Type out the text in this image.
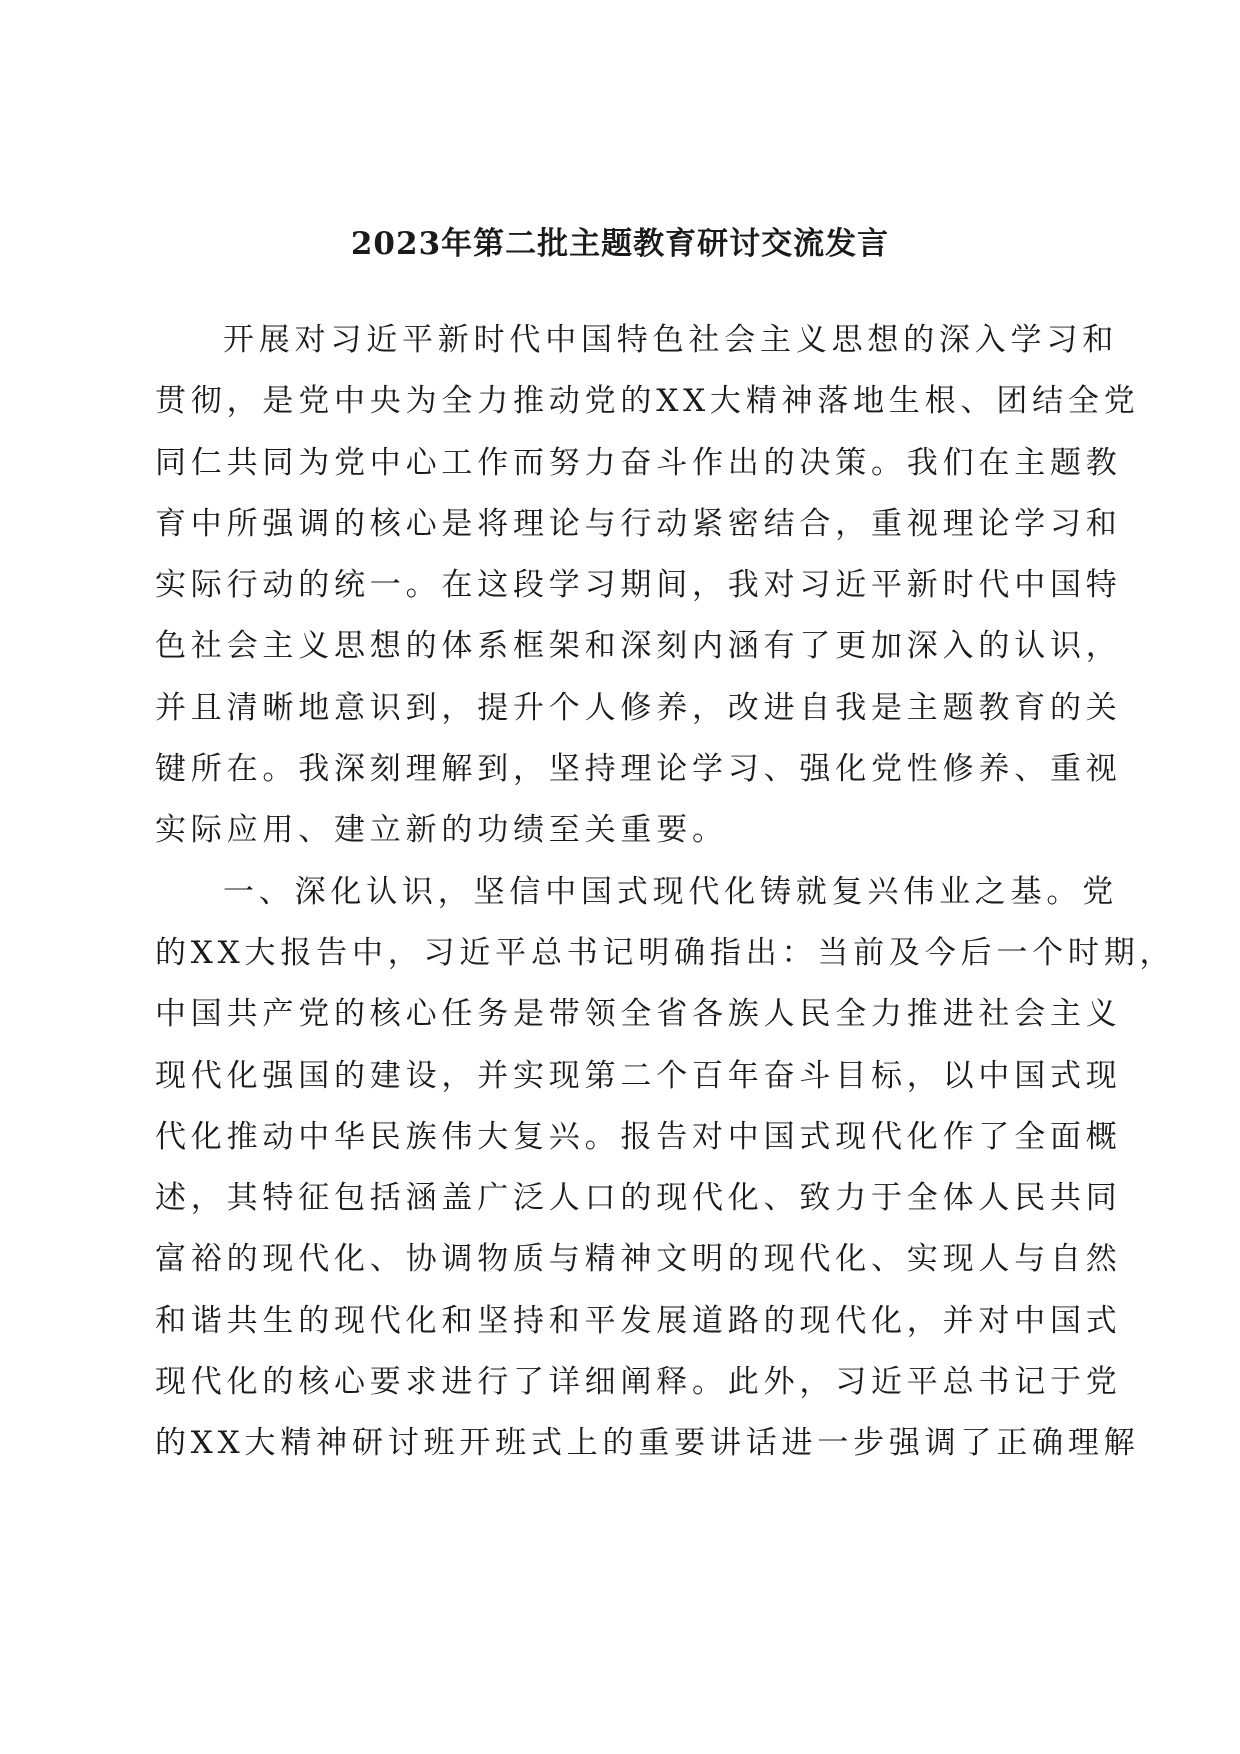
2023年第二批主题教育研讨交流发言
开展对习近平新时代中国特色社会主义思想的深入学习和
贯彻，是党中央为全力推动党的XX大精神落地生根、团结全党
同仁共同为党中心工作而努力奋斗作出的决策。我们在主题教
育中所强调的核心是将理论与行动紧密结合，重视理论学习和
实际行动的统一。在这段学习期间，我对习近平新时代中国特
色社会主义思想的体系框架和深刻内涵有了更加深入的认识，
并且清晰地意识到，提升个人修养，改进自我是主题教育的关
键所在。我深刻理解到，坚持理论学习、强化党性修养、重视
实际应用、建立新的功绩至关重要。
一、深化认识，坚信中国式现代化铸就复兴伟业之基。党
的XX大报告中，习近平总书记明确指出：当前及今后一个时期，
中国共产党的核心任务是带领全省各族人民全力推进社会主义
现代化强国的建设，并实现第二个百年奋斗目标，以中国式现
代化推动中华民族伟大复兴。报告对中国式现代化作了全面概
述，其特征包括涵盖广泛人口的现代化、致力于全体人民共同
富裕的现代化、协调物质与精神文明的现代化、实现人与自然
和谐共生的现代化和坚持和平发展道路的现代化，并对中国式
现代化的核心要求进行了详细阐释。此外，习近平总书记于党
的XX大精神研讨班开班式上的重要讲话进一步强调了正确理解
